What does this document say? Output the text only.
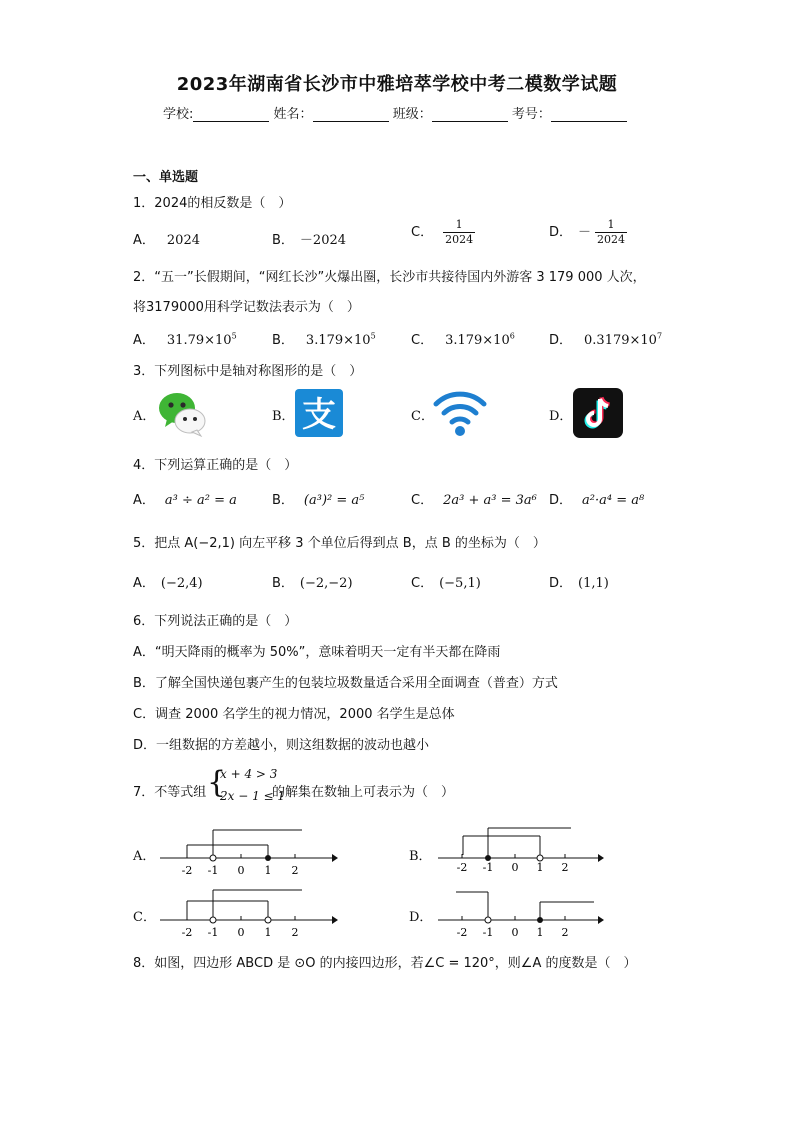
2023年湖南省长沙市中雅培萃学校中考二模数学试题
学校:	姓名：	班级：	考号：
一、单选题
1．2024的相反数是（　）
A． 2024	B． －2024
C． $\frac{1}{2024}$	D． － $\frac{1}{2024}$
2．“五一”长假期间，“网红长沙”火爆出圈，长沙市共接待国内外游客 3 179 000 人次，
将3179000用科学记数法表示为（　）
A． $31.79\times 10^5$	B． $3.179\times 10^5$	C． $3.179\times 10^6$	D． $0.3179\times 10^7$
3．下列图标中是轴对称图形的是（　）
A．	B． 支	C．	D．
4．下列运算正确的是（　）
A． a³ ÷ a² = a	B． (a³)² = a⁵	C． 2a³ + a³ = 3a⁶ D． a²·a⁴ = a⁸
5．把点 A(−2,1) 向左平移 3 个单位后得到点 B，点 B 的坐标为（　）
A． (−2,4)	B． (−2,−2)	C． (−5,1)	D． (1,1)
6．下列说法正确的是（　）
A．“明天降雨的概率为 50%”，意味着明天一定有半天都在降雨
B．了解全国快递包裹产生的包装垃圾数量适合采用全面调查（普查）方式
C．调查 2000 名学生的视力情况，2000 名学生是总体
D．一组数据的方差越小，则这组数据的波动也越小
7．不等式组 {
x + 4 > 3
2x − 1 ≤ 1
的解集在数轴上可表示为（　）
A．
-2 -1 0 1 2
B．
-2 -1 0 1 2
C．
-2 -1 0 1 2
D．
-2 -1 0 1 2
8．如图，四边形 ABCD 是 ⊙O 的内接四边形，若∠C = 120°，则∠A 的度数是（　）
